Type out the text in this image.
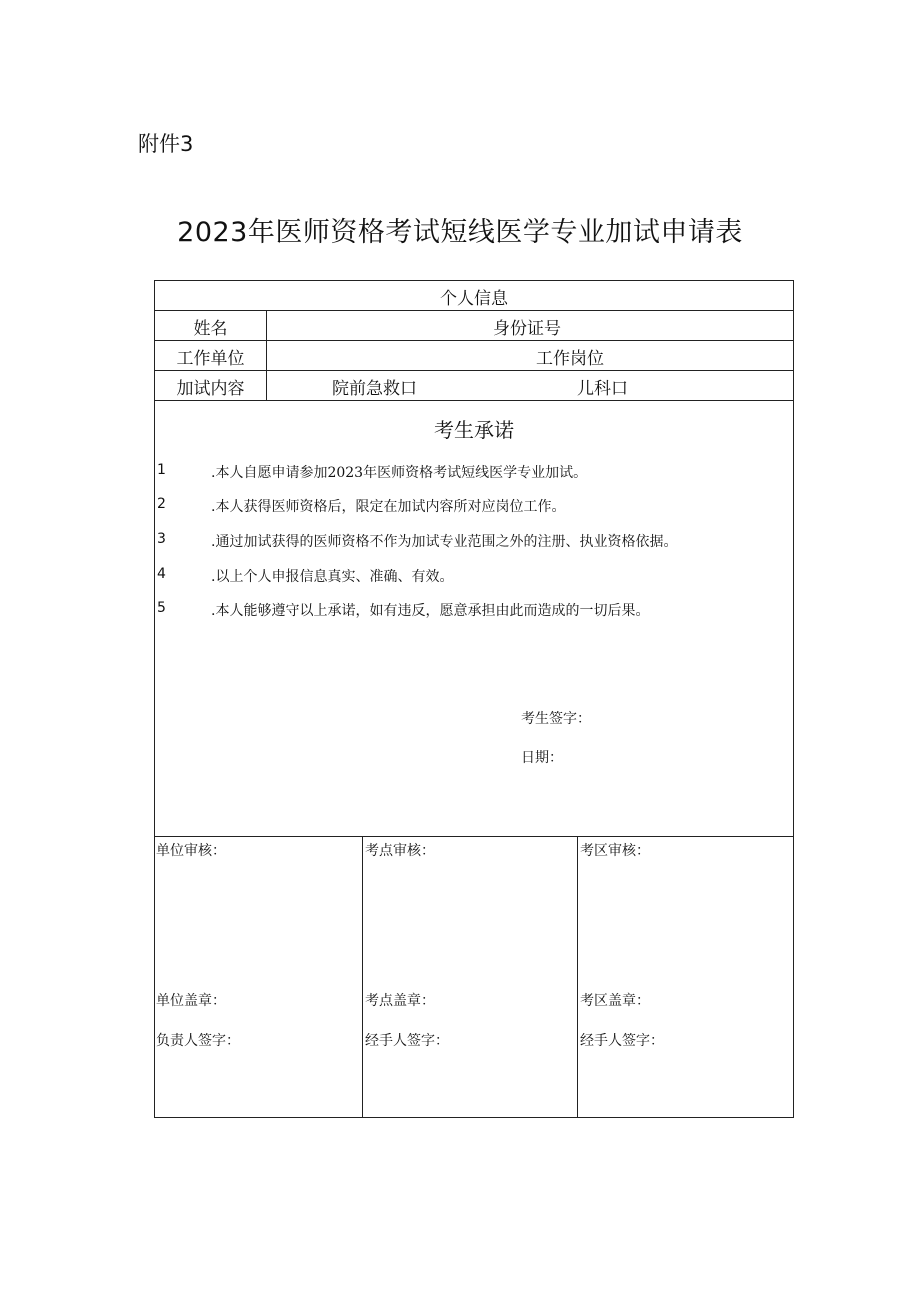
附件3
2023年医师资格考试短线医学专业加试申请表
个人信息
姓名	身份证号
工作单位	工作岗位
加试内容	院前急救口	儿科口
考生承诺
1	.本人自愿申请参加2023年医师资格考试短线医学专业加试。
2	.本人获得医师资格后，限定在加试内容所对应岗位工作。
3	.通过加试获得的医师资格不作为加试专业范围之外的注册、执业资格依据。
4	.以上个人申报信息真实、准确、有效。
5	.本人能够遵守以上承诺，如有违反，愿意承担由此而造成的一切后果。
考生签字：
日期：
单位审核：
单位盖章：
负责人签字：
考点审核：
考点盖章：
经手人签字：
考区审核：
考区盖章：
经手人签字：
